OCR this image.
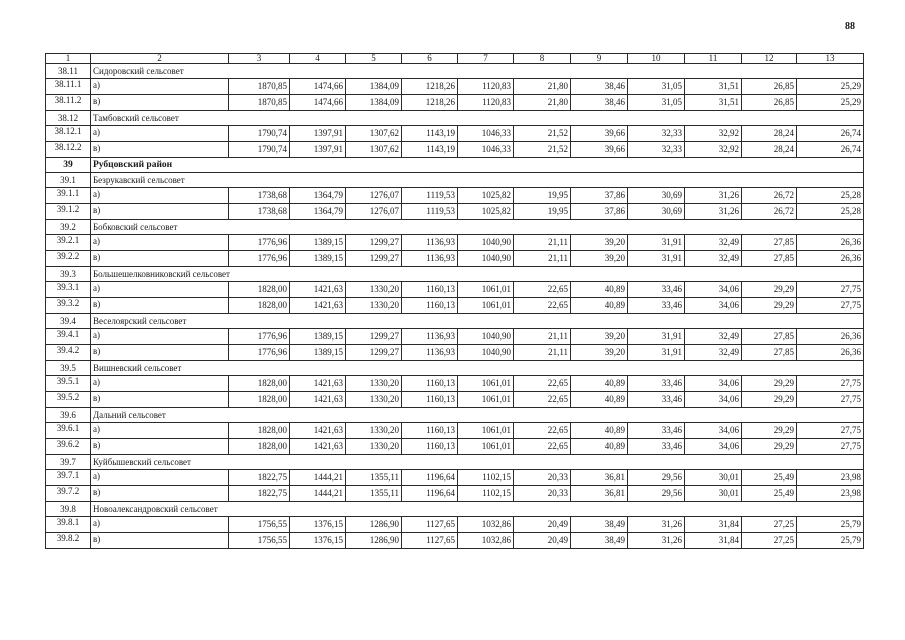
88
1	2	3	4	5	6	7	8	9	10	11	12	13
38.11	Сидоровский сельсовет											
38.11.1	а)	1870,85	1474,66	1384,09	1218,26	1120,83	21,80	38,46	31,05	31,51	26,85	25,29
38.11.2	в)	1870,85	1474,66	1384,09	1218,26	1120,83	21,80	38,46	31,05	31,51	26,85	25,29
38.12	Тамбовский сельсовет											
38.12.1	а)	1790,74	1397,91	1307,62	1143,19	1046,33	21,52	39,66	32,33	32,92	28,24	26,74
38.12.2	в)	1790,74	1397,91	1307,62	1143,19	1046,33	21,52	39,66	32,33	32,92	28,24	26,74
39	Рубцовский район											
39.1	Безрукавский сельсовет											
39.1.1	а)	1738,68	1364,79	1276,07	1119,53	1025,82	19,95	37,86	30,69	31,26	26,72	25,28
39.1.2	в)	1738,68	1364,79	1276,07	1119,53	1025,82	19,95	37,86	30,69	31,26	26,72	25,28
39.2	Бобковский сельсовет											
39.2.1	а)	1776,96	1389,15	1299,27	1136,93	1040,90	21,11	39,20	31,91	32,49	27,85	26,36
39.2.2	в)	1776,96	1389,15	1299,27	1136,93	1040,90	21,11	39,20	31,91	32,49	27,85	26,36
39.3	Большешелковниковский сельсовет											
39.3.1	а)	1828,00	1421,63	1330,20	1160,13	1061,01	22,65	40,89	33,46	34,06	29,29	27,75
39.3.2	в)	1828,00	1421,63	1330,20	1160,13	1061,01	22,65	40,89	33,46	34,06	29,29	27,75
39.4	Веселоярский сельсовет											
39.4.1	а)	1776,96	1389,15	1299,27	1136,93	1040,90	21,11	39,20	31,91	32,49	27,85	26,36
39.4.2	в)	1776,96	1389,15	1299,27	1136,93	1040,90	21,11	39,20	31,91	32,49	27,85	26,36
39.5	Вишневский сельсовет											
39.5.1	а)	1828,00	1421,63	1330,20	1160,13	1061,01	22,65	40,89	33,46	34,06	29,29	27,75
39.5.2	в)	1828,00	1421,63	1330,20	1160,13	1061,01	22,65	40,89	33,46	34,06	29,29	27,75
39.6	Дальний сельсовет											
39.6.1	а)	1828,00	1421,63	1330,20	1160,13	1061,01	22,65	40,89	33,46	34,06	29,29	27,75
39.6.2	в)	1828,00	1421,63	1330,20	1160,13	1061,01	22,65	40,89	33,46	34,06	29,29	27,75
39.7	Куйбышевский сельсовет											
39.7.1	а)	1822,75	1444,21	1355,11	1196,64	1102,15	20,33	36,81	29,56	30,01	25,49	23,98
39.7.2	в)	1822,75	1444,21	1355,11	1196,64	1102,15	20,33	36,81	29,56	30,01	25,49	23,98
39.8	Новоалександровский сельсовет											
39.8.1	а)	1756,55	1376,15	1286,90	1127,65	1032,86	20,49	38,49	31,26	31,84	27,25	25,79
39.8.2	в)	1756,55	1376,15	1286,90	1127,65	1032,86	20,49	38,49	31,26	31,84	27,25	25,79
